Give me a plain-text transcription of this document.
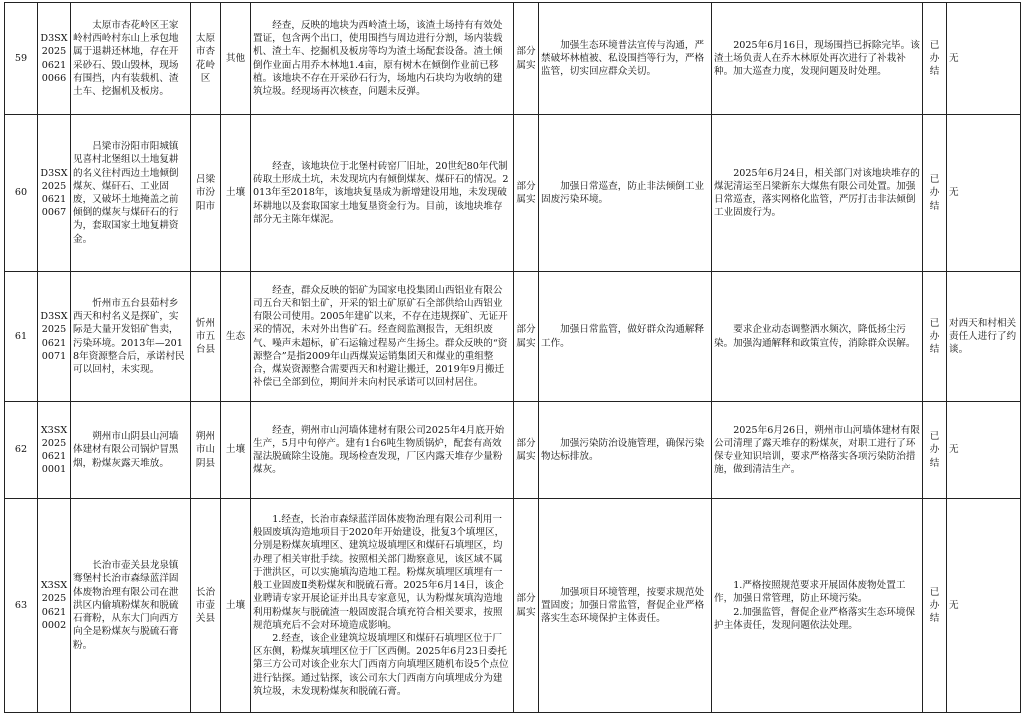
59	D3SX202506210066	太原市杏花岭区王家岭村西岭村东山上承包地属于退耕还林地，存在开采砂石、毁山毁林，现场有围挡，内有装载机、渣土车、挖掘机及板房。	太原市杏花岭区	其他	经查，反映的地块为西岭渣土场，该渣土场持有有效处置证，包含两个出口，使用围挡与周边进行分割，场内装载机、渣土车、挖掘机及板房等均为渣土场配套设备。渣土倾倒作业面占用乔木林地1.4亩，原有树木在倾倒作业前已移植。该地块不存在开采砂石行为，场地内石块均为收纳的建筑垃圾。经现场再次核查，问题未反弹。	部分属实	加强生态环境普法宣传与沟通，严禁破坏林植被、私设围挡等行为，严格监管，切实回应群众关切。	2025年6月16日，现场围挡已拆除完毕。该渣土场负责人在乔木林原处再次进行了补栽补种。加大巡查力度，发现问题及时处理。	已办结	无
60	D3SX202506210067	吕梁市汾阳市阳城镇见喜村北堡组以土地复耕的名义往村西边土地倾倒煤灰、煤矸石、工业固废，又破坏土地掩盖之前倾倒的煤灰与煤矸石的行为，套取国家土地复耕资金。	吕梁市汾阳市	土壤	经查，该地块位于北堡村砖窑厂旧址，20世纪80年代制砖取土形成土坑，未发现坑内有倾倒煤灰、煤矸石的情况。2013年至2018年，该地块复垦成为新增建设用地，未发现破坏耕地以及套取国家土地复垦资金行为。目前，该地块堆存部分无主陈年煤泥。	部分属实	加强日常巡查，防止非法倾倒工业固废污染环境。	2025年6月24日，相关部门对该地块堆存的煤泥清运至吕梁新东大煤焦有限公司处置。加强日常巡查，落实网格化监管，严厉打击非法倾倒工业固废行为。	已办结	无
61	D3SX202506210071	忻州市五台县茹村乡西天和村名义是探矿，实际是大量开发铝矿售卖，污染环境。2013年—2018年资源整合后，承诺村民可以回村，未实现。	忻州市五台县	生态	经查，群众反映的铝矿为国家电投集团山西铝业有限公司五台天和铝土矿，开采的铝土矿原矿石全部供给山西铝业有限公司使用。2005年建矿以来，不存在违规探矿、无证开采的情况，未对外出售矿石。经查阅监测报告，无组织废气、噪声未超标，矿石运输过程易产生扬尘。群众反映的“资源整合”是指2009年山西煤炭运销集团天和煤业的重组整合，煤炭资源整合需要西天和村避让搬迁，2019年9月搬迁补偿已全部到位，期间并未向村民承诺可以回村居住。	部分属实	加强日常监管，做好群众沟通解释工作。	要求企业动态调整洒水频次，降低扬尘污染。加强沟通解释和政策宣传，消除群众误解。	已办结	对西天和村相关责任人进行了约谈。
62	X3SX202506210001	朔州市山阴县山河墙体建材有限公司锅炉冒黑烟，粉煤灰露天堆放。	朔州市山阴县	土壤	经查，朔州市山河墙体建材有限公司2025年4月底开始生产，5月中旬停产。建有1台6吨生物质锅炉，配套有高效湿法脱硫除尘设施。现场检查发现，厂区内露天堆存少量粉煤灰。	部分属实	加强污染防治设施管理，确保污染物达标排放。	2025年6月26日，朔州市山河墙体建材有限公司清理了露天堆存的粉煤灰，对职工进行了环保专业知识培训，要求严格落实各项污染防治措施，做到清洁生产。	已办结	无
63	X3SX202506210002	长治市壶关县龙泉镇骞堡村长治市森绿蓝洋固体废物治理有限公司在泄洪区内偷填粉煤灰和脱硫石膏粉，从东大门向西方向全是粉煤灰与脱硫石膏粉。	长治市壶关县	土壤	1.经查，长治市森绿蓝洋固体废物治理有限公司利用一般固废填沟造地项目于2020年开始建设，批复3个填埋区，分别是粉煤灰填埋区、建筑垃圾填埋区和煤矸石填埋区，均办理了相关审批手续。按照相关部门勘察意见，该区域不属于泄洪区，可以实施填沟造地工程。粉煤灰填埋区填埋有一般工业固废Ⅱ类粉煤灰和脱硫石膏。2025年6月14日，该企业聘请专家开展论证并出具专家意见，认为粉煤灰填沟造地利用粉煤灰与脱硫渣一般固废混合填充符合相关要求，按照规范填充后不会对环境造成影响。
2.经查，该企业建筑垃圾填埋区和煤矸石填埋区位于厂区东侧，粉煤灰填埋区位于厂区西侧。2025年6月23日委托第三方公司对该企业东大门西南方向填埋区随机布设5个点位进行钻探。通过钻探，该公司东大门西南方向填埋成分为建筑垃圾，未发现粉煤灰和脱硫石膏。	部分属实	加强项目环境管理，按要求规范处置固废；加强日常监管，督促企业严格落实生态环境保护主体责任。	1.严格按照规范要求开展固体废物处置工作，加强日常管理，防止环境污染。
2.加强监管，督促企业严格落实生态环境保护主体责任，发现问题依法处理。	已办结	无
